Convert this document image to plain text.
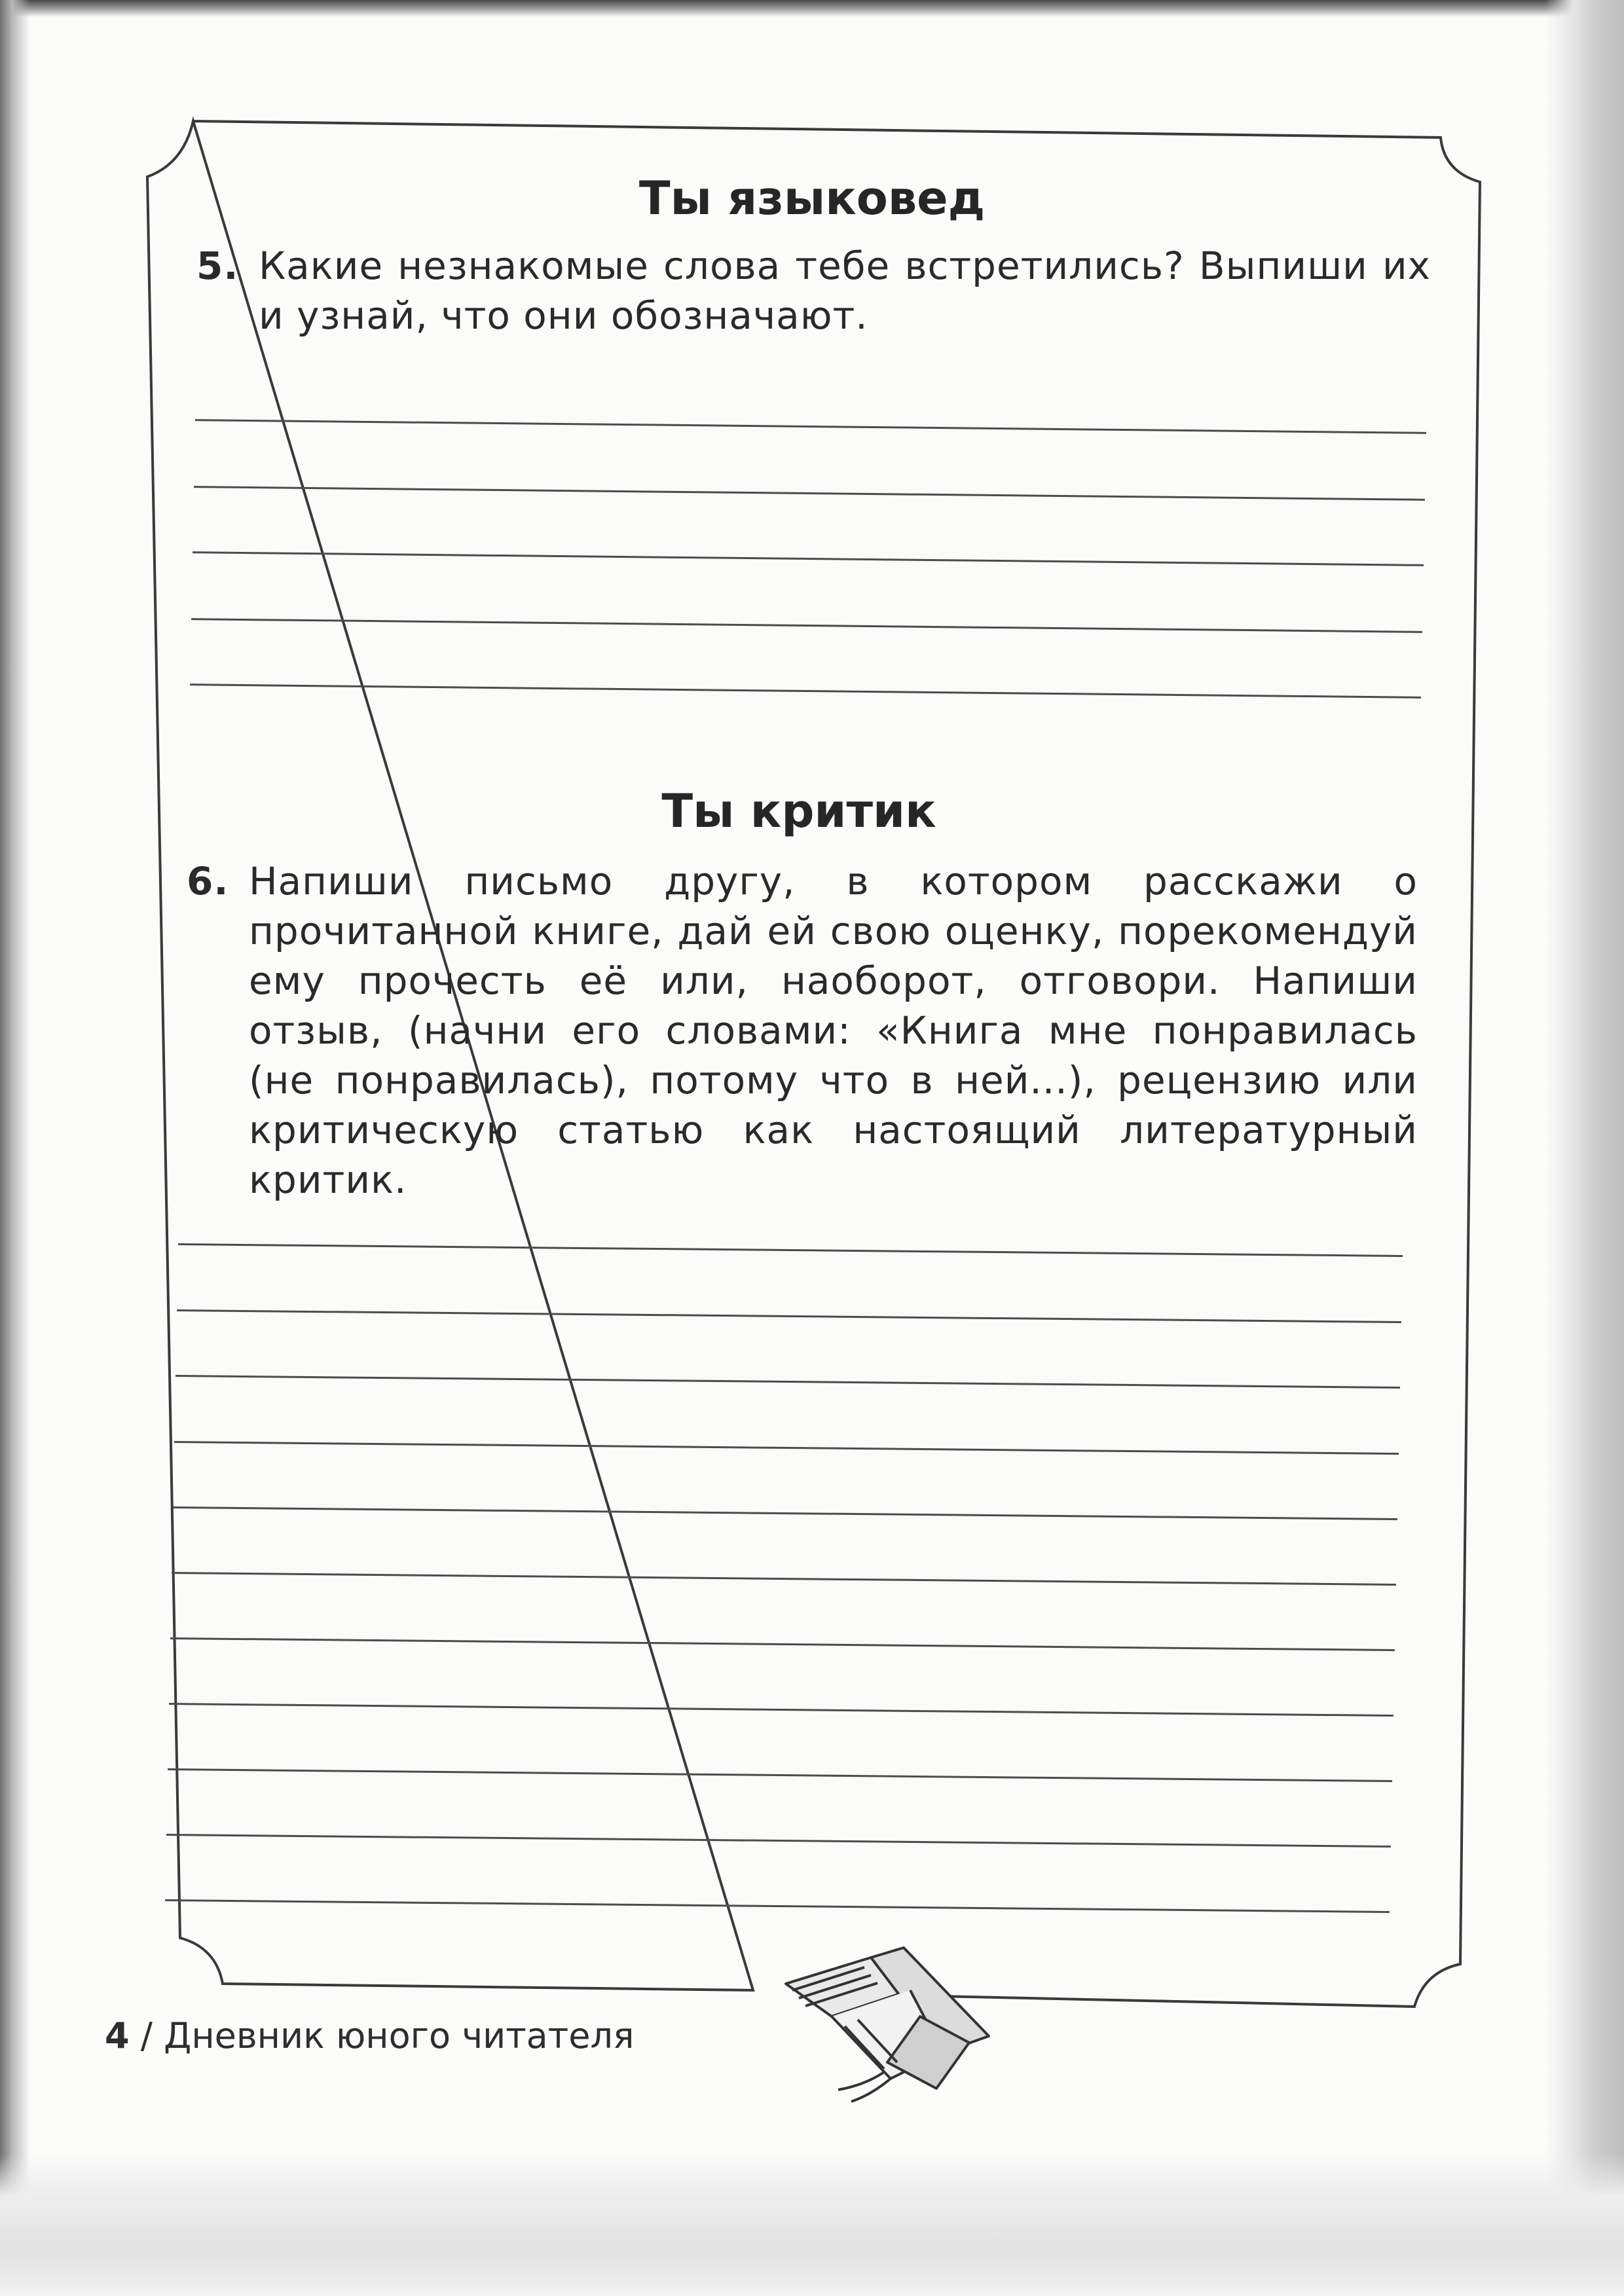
Ты языковед
5. Какие незнакомые слова тебе встретились? Выпиши их и узнай, что они обозначают.
Ты критик
6. Напиши письмо другу, в котором расскажи о прочитанной книге, дай ей свою оценку, порекомендуй ему прочесть её или, наоборот, отговори. Напиши отзыв, (начни его словами: «Книга мне понравилась (не понравилась), потому что в ней...), рецензию или критическую статью как настоящий литературный критик.
4 / Дневник юного читателя
